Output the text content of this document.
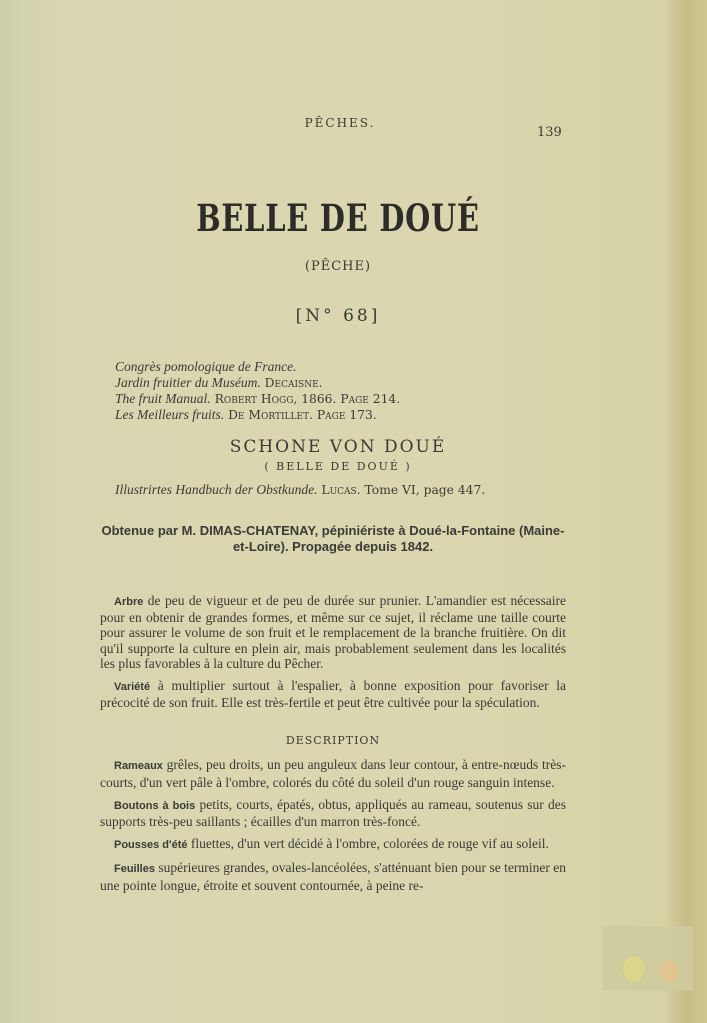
PÊCHES.
139
BELLE DE DOUÉ
(PÊCHE)
[N° 68]
Congrès pomologique de France.
Jardin fruitier du Muséum. Decaisne.
The fruit Manual. Robert Hogg, 1866. Page 214.
Les Meilleurs fruits. De Mortillet. Page 173.
SCHONE VON DOUÉ
( BELLE DE DOUÉ )
Illustrirtes Handbuch der Obstkunde. Lucas. Tome VI, page 447.
Obtenue par M. DIMAS-CHATENAY, pépiniériste à Doué-la-Fontaine (Maine-et-Loire). Propagée depuis 1842.
Arbre de peu de vigueur et de peu de durée sur prunier. L'amandier est nécessaire pour en obtenir de grandes formes, et même sur ce sujet, il réclame une taille courte pour assurer le volume de son fruit et le remplacement de la branche fruitière. On dit qu'il supporte la culture en plein air, mais probablement seulement dans les localités les plus favorables à la culture du Pêcher.
Variété à multiplier surtout à l'espalier, à bonne exposition pour favoriser la précocité de son fruit. Elle est très-fertile et peut être cultivée pour la spéculation.
DESCRIPTION
Rameaux grêles, peu droits, un peu anguleux dans leur contour, à entre-nœuds très-courts, d'un vert pâle à l'ombre, colorés du côté du soleil d'un rouge sanguin intense.
Boutons à bois petits, courts, épatés, obtus, appliqués au rameau, soutenus sur des supports très-peu saillants ; écailles d'un marron très-foncé.
Pousses d'été fluettes, d'un vert décidé à l'ombre, colorées de rouge vif au soleil.
Feuilles supérieures grandes, ovales-lancéolées, s'atténuant bien pour se terminer en une pointe longue, étroite et souvent contournée, à peine re-
